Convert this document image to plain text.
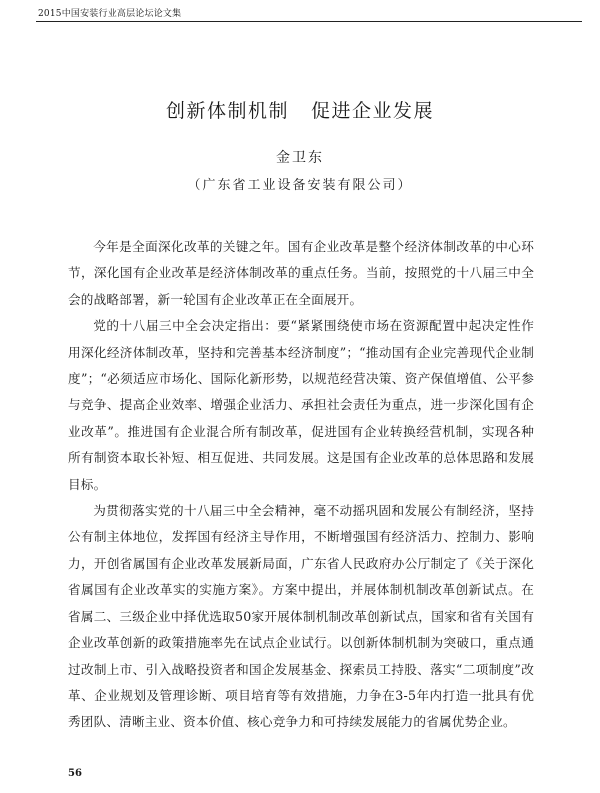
2015中国安装行业高层论坛论文集
创新体制机制 促进企业发展
金卫东
（广东省工业设备安装有限公司）

今年是全面深化改革的关键之年。国有企业改革是整个经济体制改革的中心环节，深化国有企业改革是经济体制改革的重点任务。当前，按照党的十八届三中全会的战略部署，新一轮国有企业改革正在全面展开。

党的十八届三中全会决定指出：要“紧紧围绕使市场在资源配置中起决定性作用深化经济体制改革，坚持和完善基本经济制度”；“推动国有企业完善现代企业制度”；“必须适应市场化、国际化新形势，以规范经营决策、资产保值增值、公平参与竞争、提高企业效率、增强企业活力、承担社会责任为重点，进一步深化国有企业改革”。推进国有企业混合所有制改革，促进国有企业转换经营机制，实现各种所有制资本取长补短、相互促进、共同发展。这是国有企业改革的总体思路和发展目标。

为贯彻落实党的十八届三中全会精神，毫不动摇巩固和发展公有制经济，坚持公有制主体地位，发挥国有经济主导作用，不断增强国有经济活力、控制力、影响力，开创省属国有企业改革发展新局面，广东省人民政府办公厅制定了《关于深化省属国有企业改革实的实施方案》。方案中提出，并展体制机制改革创新试点。在省属二、三级企业中择优选取50家开展体制机制改革创新试点，国家和省有关国有企业改革创新的政策措施率先在试点企业试行。以创新体制机制为突破口，重点通过改制上市、引入战略投资者和国企发展基金、探索员工持股、落实“二项制度”改革、企业规划及管理诊断、项目培育等有效措施，力争在3-5年内打造一批具有优秀团队、清晰主业、资本价值、核心竞争力和可持续发展能力的省属优势企业。

56
